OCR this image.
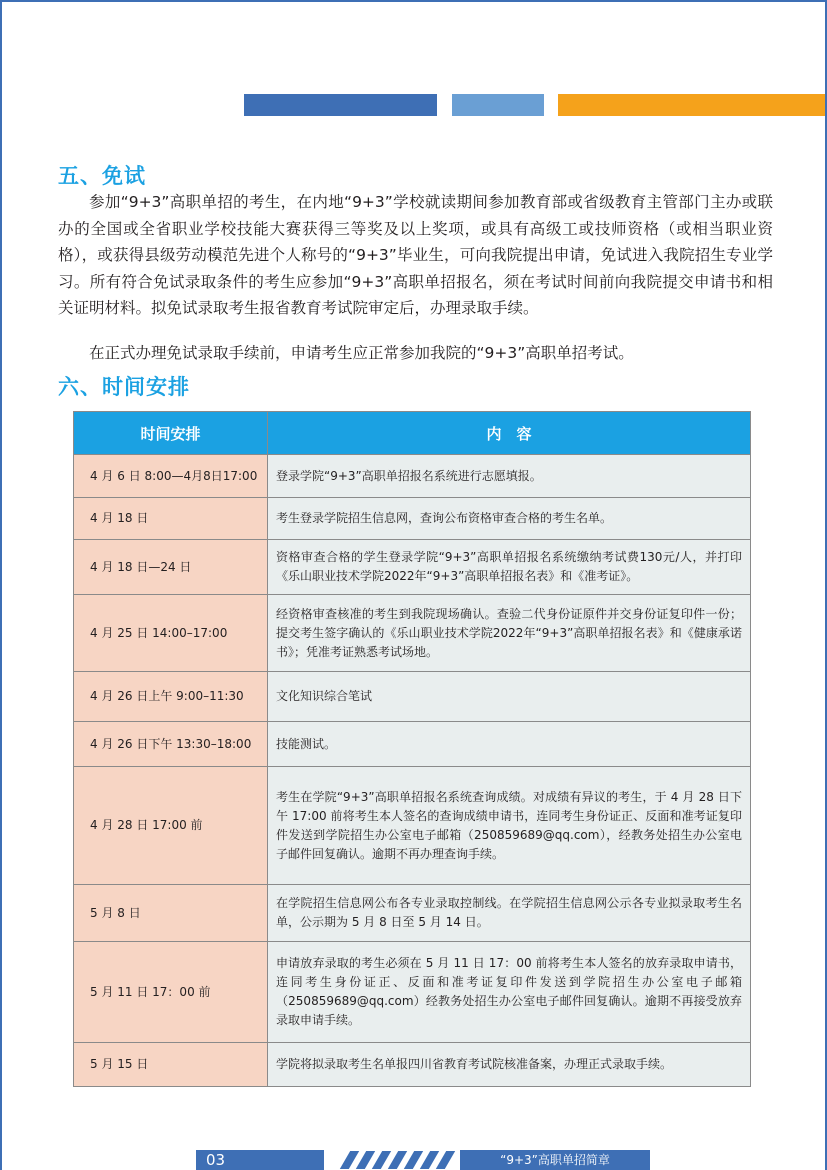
五、免试

参加“9+3”高职单招的考生，在内地“9+3”学校就读期间参加教育部或省级教育主管部门主办或联办的全国或全省职业学校技能大赛获得三等奖及以上奖项，或具有高级工或技师资格（或相当职业资格），或获得县级劳动模范先进个人称号的“9+3”毕业生，可向我院提出申请，免试进入我院招生专业学习。所有符合免试录取条件的考生应参加“9+3”高职单招报名，须在考试时间前向我院提交申请书和相关证明材料。拟免试录取考生报省教育考试院审定后，办理录取手续。

在正式办理免试录取手续前，申请考生应正常参加我院的“9+3”高职单招考试。

六、时间安排
时间安排	内　容
4 月 6 日 8:00—4月8日17:00	登录学院“9+3”高职单招报名系统进行志愿填报。
4 月 18 日	考生登录学院招生信息网，查询公布资格审查合格的考生名单。
4 月 18 日—24 日	资格审查合格的学生登录学院“9+3”高职单招报名系统缴纳考试费130元/人，并打印《乐山职业技术学院2022年“9+3”高职单招报名表》和《准考证》。
4 月 25 日 14:00–17:00	经资格审查核准的考生到我院现场确认。查验二代身份证原件并交身份证复印件一份；提交考生签字确认的《乐山职业技术学院2022年“9+3”高职单招报名表》和《健康承诺书》；凭准考证熟悉考试场地。
4 月 26 日上午 9:00–11:30	文化知识综合笔试
4 月 26 日下午 13:30–18:00	技能测试。
4 月 28 日 17:00 前	考生在学院“9+3”高职单招报名系统查询成绩。对成绩有异议的考生，于 4 月 28 日下午 17:00 前将考生本人签名的查询成绩申请书，连同考生身份证正、反面和准考证复印件发送到学院招生办公室电子邮箱（250859689@qq.com），经教务处招生办公室电子邮件回复确认。逾期不再办理查询手续。
5 月 8 日	在学院招生信息网公布各专业录取控制线。在学院招生信息网公示各专业拟录取考生名单，公示期为 5 月 8 日至 5 月 14 日。
5 月 11 日 17：00 前	申请放弃录取的考生必须在 5 月 11 日 17：00 前将考生本人签名的放弃录取申请书，连同考生身份证正、反面和准考证复印件发送到学院招生办公室电子邮箱（250859689@qq.com）经教务处招生办公室电子邮件回复确认。逾期不再接受放弃录取申请手续。
5 月 15 日	学院将拟录取考生名单报四川省教育考试院核准备案，办理正式录取手续。
03	“9+3”高职单招简章
